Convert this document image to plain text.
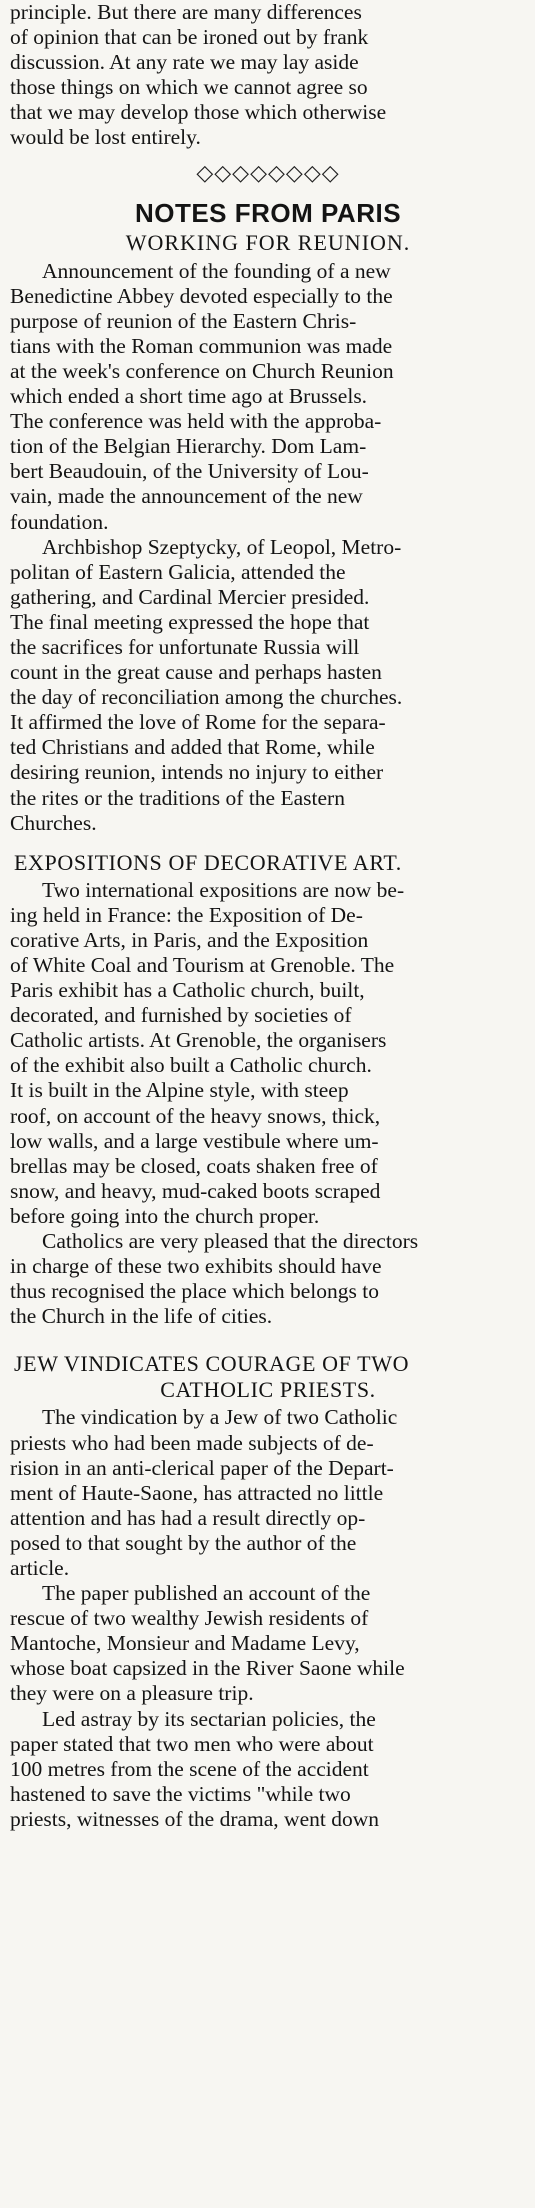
principle. But there are many differences
of opinion that can be ironed out by frank
discussion. At any rate we may lay aside
those things on which we cannot agree so
that we may develop those which otherwise
would be lost entirely.
◇◇◇◇◇◇◇◇
NOTES FROM PARIS
WORKING FOR REUNION.
Announcement of the founding of a new
Benedictine Abbey devoted especially to the
purpose of reunion of the Eastern Chris-
tians with the Roman communion was made
at the week's conference on Church Reunion
which ended a short time ago at Brussels.
The conference was held with the approba-
tion of the Belgian Hierarchy. Dom Lam-
bert Beaudouin, of the University of Lou-
vain, made the announcement of the new
foundation.
Archbishop Szeptycky, of Leopol, Metro-
politan of Eastern Galicia, attended the
gathering, and Cardinal Mercier presided.
The final meeting expressed the hope that
the sacrifices for unfortunate Russia will
count in the great cause and perhaps hasten
the day of reconciliation among the churches.
It affirmed the love of Rome for the separa-
ted Christians and added that Rome, while
desiring reunion, intends no injury to either
the rites or the traditions of the Eastern
Churches.
EXPOSITIONS OF DECORATIVE ART.
Two international expositions are now be-
ing held in France: the Exposition of De-
corative Arts, in Paris, and the Exposition
of White Coal and Tourism at Grenoble. The
Paris exhibit has a Catholic church, built,
decorated, and furnished by societies of
Catholic artists. At Grenoble, the organisers
of the exhibit also built a Catholic church.
It is built in the Alpine style, with steep
roof, on account of the heavy snows, thick,
low walls, and a large vestibule where um-
brellas may be closed, coats shaken free of
snow, and heavy, mud-caked boots scraped
before going into the church proper.
Catholics are very pleased that the directors
in charge of these two exhibits should have
thus recognised the place which belongs to
the Church in the life of cities.
JEW VINDICATES COURAGE OF TWO
CATHOLIC PRIESTS.
The vindication by a Jew of two Catholic
priests who had been made subjects of de-
rision in an anti-clerical paper of the Depart-
ment of Haute-Saone, has attracted no little
attention and has had a result directly op-
posed to that sought by the author of the
article.
The paper published an account of the
rescue of two wealthy Jewish residents of
Mantoche, Monsieur and Madame Levy,
whose boat capsized in the River Saone while
they were on a pleasure trip.
Led astray by its sectarian policies, the
paper stated that two men who were about
100 metres from the scene of the accident
hastened to save the victims "while two
priests, witnesses of the drama, went down
